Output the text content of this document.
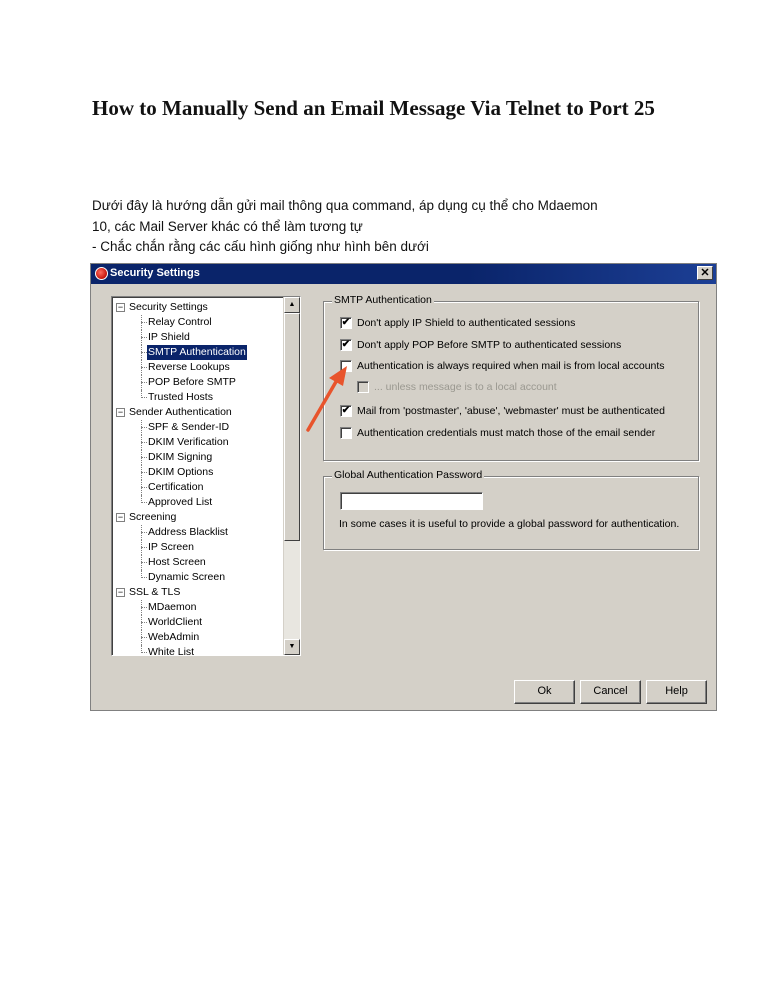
How to Manually Send an Email Message Via Telnet to Port 25
Dưới đây là hướng dẫn gửi mail thông qua command, áp dụng cụ thể cho Mdaemon
10, các Mail Server khác có thể làm tương tự
- Chắc chắn rằng các cấu hình giống như hình bên dưới
Security Settings	✕
− Security Settings
Relay Control
IP Shield
SMTP Authentication
Reverse Lookups
POP Before SMTP
Trusted Hosts
− Sender Authentication
SPF & Sender-ID
DKIM Verification
DKIM Signing
DKIM Options
Certification
Approved List
− Screening
Address Blacklist
IP Screen
Host Screen
Dynamic Screen
− SSL & TLS
MDaemon
WorldClient
WebAdmin
White List
▲
▼
SMTP Authentication
✔ Don't apply IP Shield to authenticated sessions
✔ Don't apply POP Before SMTP to authenticated sessions
Authentication is always required when mail is from local accounts
... unless message is to a local account
✔ Mail from 'postmaster', 'abuse', 'webmaster' must be authenticated
Authentication credentials must match those of the email sender
Global Authentication Password
In some cases it is useful to provide a global password for authentication.
Ok	Cancel	Help
